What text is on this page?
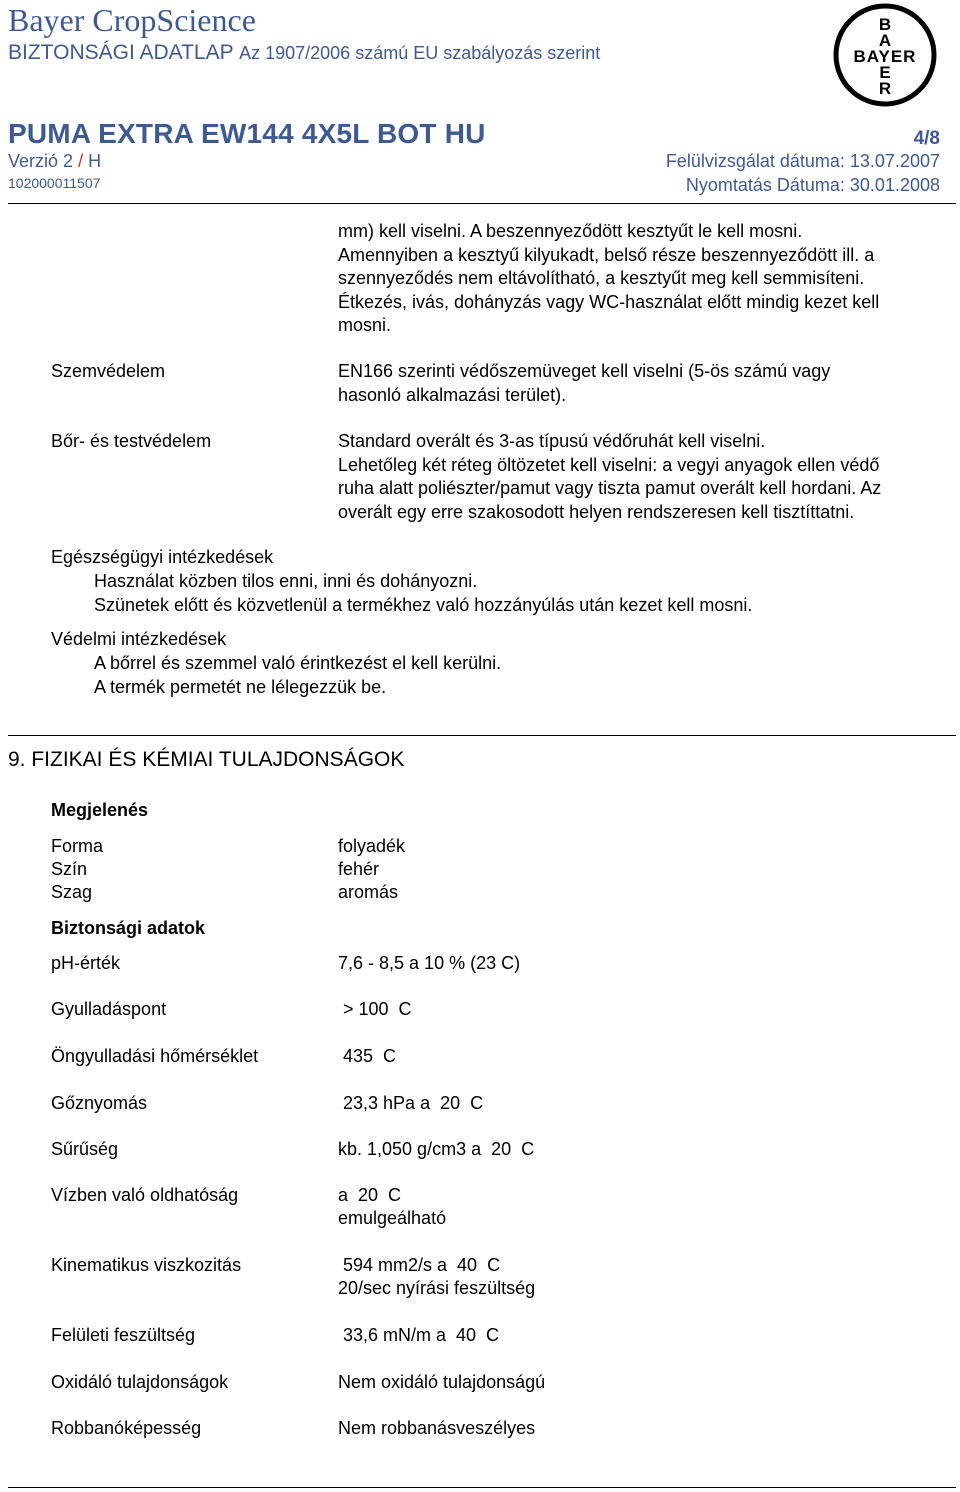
Bayer CropScience
BIZTONSÁGI ADATLAP Az 1907/2006 számú EU szabályozás szerint
B
A
BAYER
E
R
PUMA EXTRA EW144 4X5L BOT HU	4/8
Verzió 2 / H	Felülvizsgálat dátuma: 13.07.2007
102000011507	Nyomtatás Dátuma: 30.01.2008
mm) kell viselni. A beszennyeződött kesztyűt le kell mosni.
Amennyiben a kesztyű kilyukadt, belső része beszennyeződött ill. a
szennyeződés nem eltávolítható, a kesztyűt meg kell semmisíteni.
Étkezés, ivás, dohányzás vagy WC-használat előtt mindig kezet kell
mosni.
Szemvédelem	EN166 szerinti védőszemüveget kell viselni (5-ös számú vagy
hasonló alkalmazási terület).
Bőr- és testvédelem	Standard overált és 3-as típusú védőruhát kell viselni.
Lehetőleg két réteg öltözetet kell viselni: a vegyi anyagok ellen védő
ruha alatt poliészter/pamut vagy tiszta pamut overált kell hordani. Az
overált egy erre szakosodott helyen rendszeresen kell tisztíttatni.
Egészségügyi intézkedések
Használat közben tilos enni, inni és dohányozni.
Szünetek előtt és közvetlenül a termékhez való hozzányúlás után kezet kell mosni.
Védelmi intézkedések
A bőrrel és szemmel való érintkezést el kell kerülni.
A termék permetét ne lélegezzük be.
9. FIZIKAI ÉS KÉMIAI TULAJDONSÁGOK
Megjelenés
Forma	folyadék
Szín	fehér
Szag	aromás
Biztonsági adatok
pH-érték	7,6 - 8,5 a 10 % (23 C)
Gyulladáspont	> 100  C
Öngyulladási hőmérséklet	435  C
Gőznyomás	23,3 hPa a  20  C
Sűrűség	kb. 1,050 g/cm3 a  20  C
Vízben való oldhatóság	a  20  C
emulgeálható
Kinematikus viszkozitás	594 mm2/s a  40  C
20/sec nyírási feszültség
Felületi feszültség	33,6 mN/m a  40  C
Oxidáló tulajdonságok	Nem oxidáló tulajdonságú
Robbanóképesség	Nem robbanásveszélyes
